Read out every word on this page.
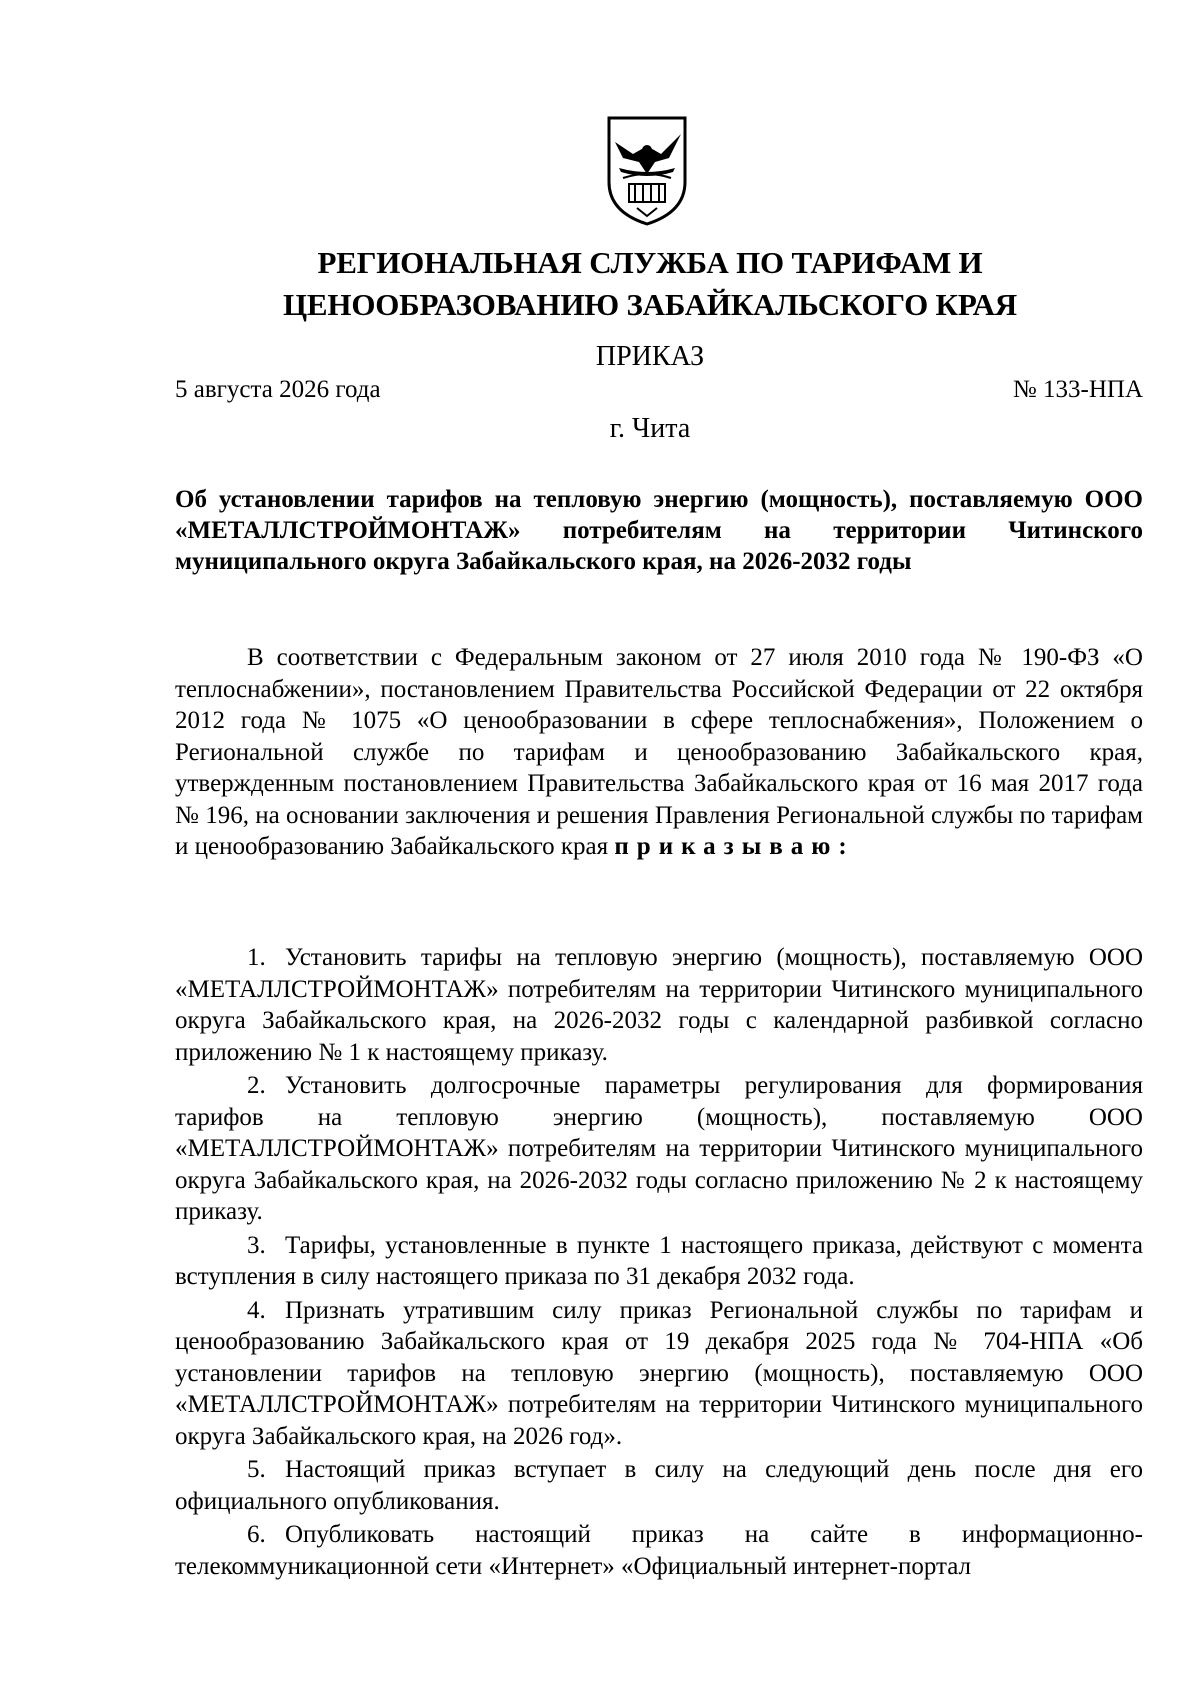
РЕГИОНАЛЬНАЯ СЛУЖБА ПО ТАРИФАМ И
ЦЕНООБРАЗОВАНИЮ ЗАБАЙКАЛЬСКОГО КРАЯ
ПРИКАЗ
5 августа 2026 года	№ 133-НПА
г. Чита
Об установлении тарифов на тепловую энергию (мощность), поставляемую ООО «МЕТАЛЛСТРОЙМОНТАЖ» потребителям на территории Читинского муниципального округа Забайкальского края, на 2026-2032 годы

В соответствии с Федеральным законом от 27 июля 2010 года № 190-ФЗ «О теплоснабжении», постановлением Правительства Российской Федерации от 22 октября 2012 года № 1075 «О ценообразовании в сфере теплоснабжения», Положением о Региональной службе по тарифам и ценообразованию Забайкальского края, утвержденным постановлением Правительства Забайкальского края от 16 мая 2017 года № 196, на основании заключения и решения Правления Региональной службы по тарифам и ценообразованию Забайкальского края приказываю:

1. Установить тарифы на тепловую энергию (мощность), поставляемую ООО «МЕТАЛЛСТРОЙМОНТАЖ» потребителям на территории Читинского муниципального округа Забайкальского края, на 2026-2032 годы с календарной разбивкой согласно приложению № 1 к настоящему приказу.

2. Установить долгосрочные параметры регулирования для формирования тарифов на тепловую энергию (мощность), поставляемую ООО «МЕТАЛЛСТРОЙМОНТАЖ» потребителям на территории Читинского муниципального округа Забайкальского края, на 2026-2032 годы согласно приложению № 2 к настоящему приказу.

3. Тарифы, установленные в пункте 1 настоящего приказа, действуют с момента вступления в силу настоящего приказа по 31 декабря 2032 года.

4. Признать утратившим силу приказ Региональной службы по тарифам и ценообразованию Забайкальского края от 19 декабря 2025 года № 704-НПА «Об установлении тарифов на тепловую энергию (мощность), поставляемую ООО «МЕТАЛЛСТРОЙМОНТАЖ» потребителям на территории Читинского муниципального округа Забайкальского края, на 2026 год».

5. Настоящий приказ вступает в силу на следующий день после дня его официального опубликования.

6. Опубликовать настоящий приказ на сайте в информационно-телекоммуникационной сети «Интернет» «Официальный интернет-портал
